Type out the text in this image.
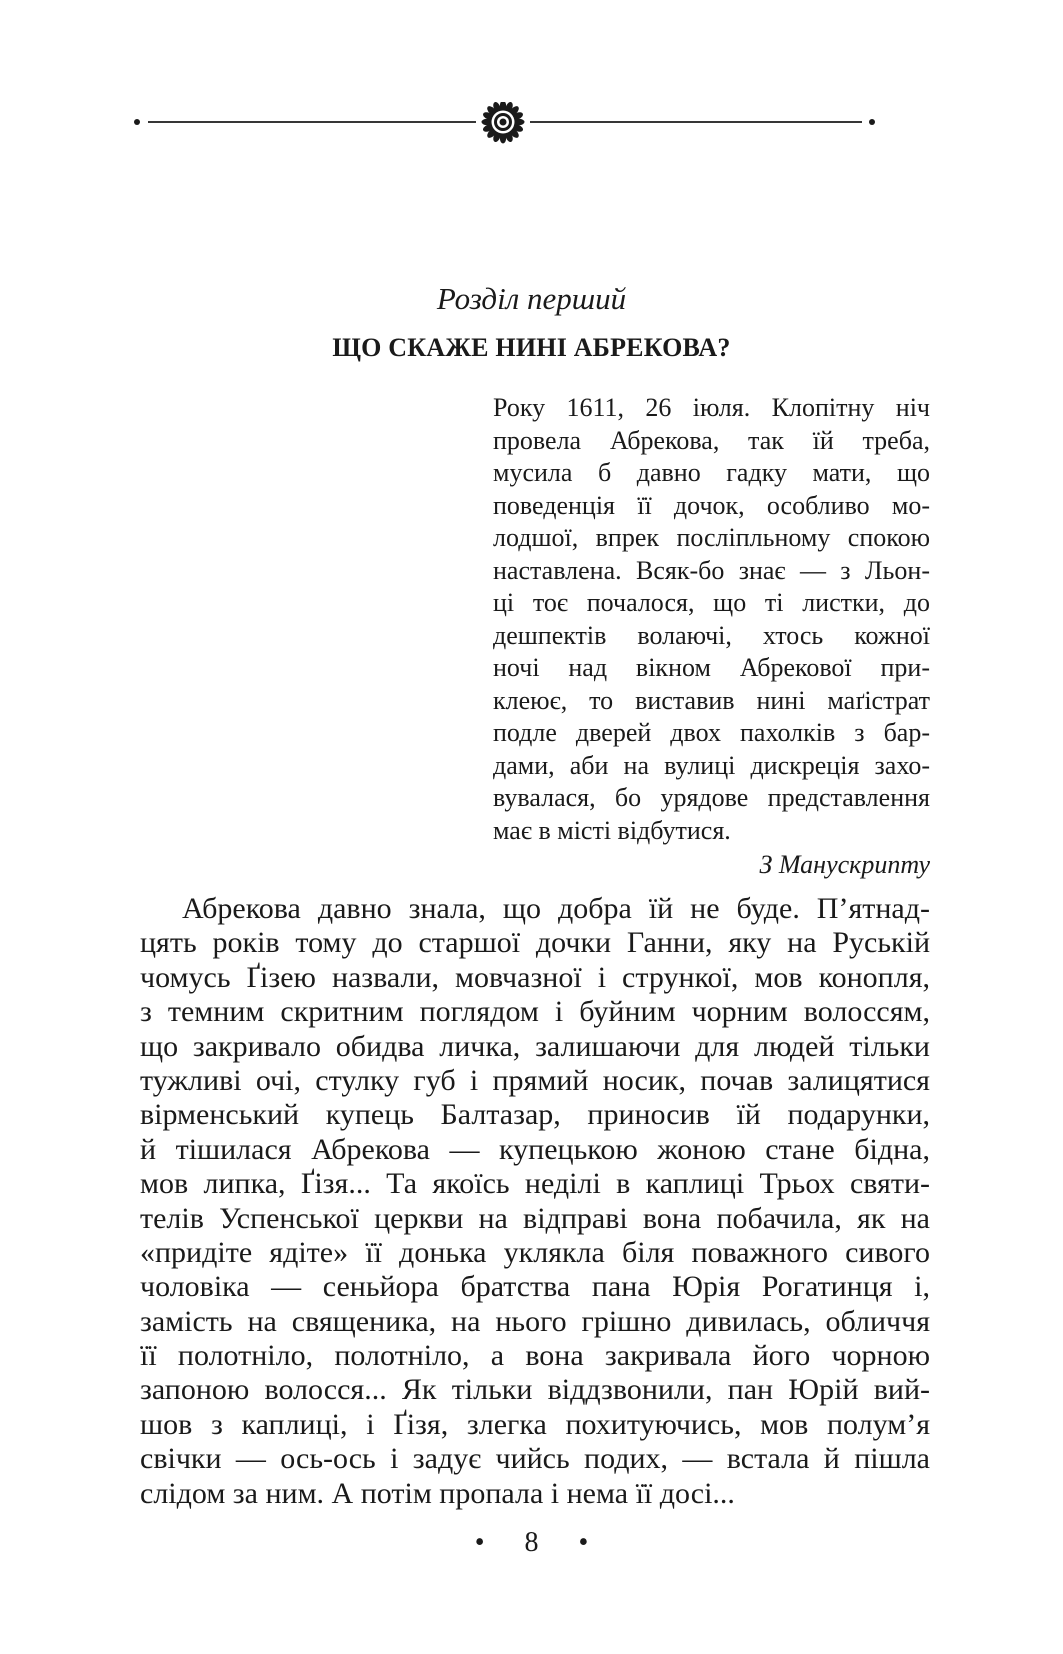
Розділ перший
ЩО СКАЖЕ НИНІ АБРЕКОВА?
Року 1611, 26 іюля. Клопітну ніч
провела Абрекова, так їй треба,
мусила б давно гадку мати, що
поведенція її дочок, особливо мо-
лодшої, впрек посліпльному спокою
наставлена. Всяк-бо знає — з Льон-
ці тоє почалося, що ті листки, до
дешпектів волаючі, хтось кожної
ночі над вікном Абрекової при-
клеює, то виставив нині маґістрат
подле дверей двох пахолків з бар-
дами, аби на вулиці дискреція захо-
вувалася, бо урядове представлення
має в місті відбутися.
З Манускрипту
Абрекова давно знала, що добра їй не буде. П’ятнад-
цять років тому до старшої дочки Ганни, яку на Руській
чомусь Ґізею назвали, мовчазної і стрункої, мов конопля,
з темним скритним поглядом і буйним чорним волоссям,
що закривало обидва личка, залишаючи для людей тільки
тужливі очі, стулку губ і прямий носик, почав залицятися
вірменський купець Балтазар, приносив їй подарунки,
й тішилася Абрекова — купецькою жоною стане бідна,
мов липка, Ґізя... Та якоїсь неділі в каплиці Трьох святи-
телів Успенської церкви на відправі вона побачила, як на
«придіте ядіте» її донька уклякла біля поважного сивого
чоловіка — сеньйора братства пана Юрія Рогатинця і,
замість на священика, на нього грішно дивилась, обличчя
її полотніло, полотніло, а вона закривала його чорною
запоною волосся... Як тільки віддзвонили, пан Юрій вий-
шов з каплиці, і Ґізя, злегка похитуючись, мов полум’я
свічки — ось-ось і задує чийсь подих, — встала й пішла
слідом за ним. А потім пропала і нема її досі...
• 8 •
